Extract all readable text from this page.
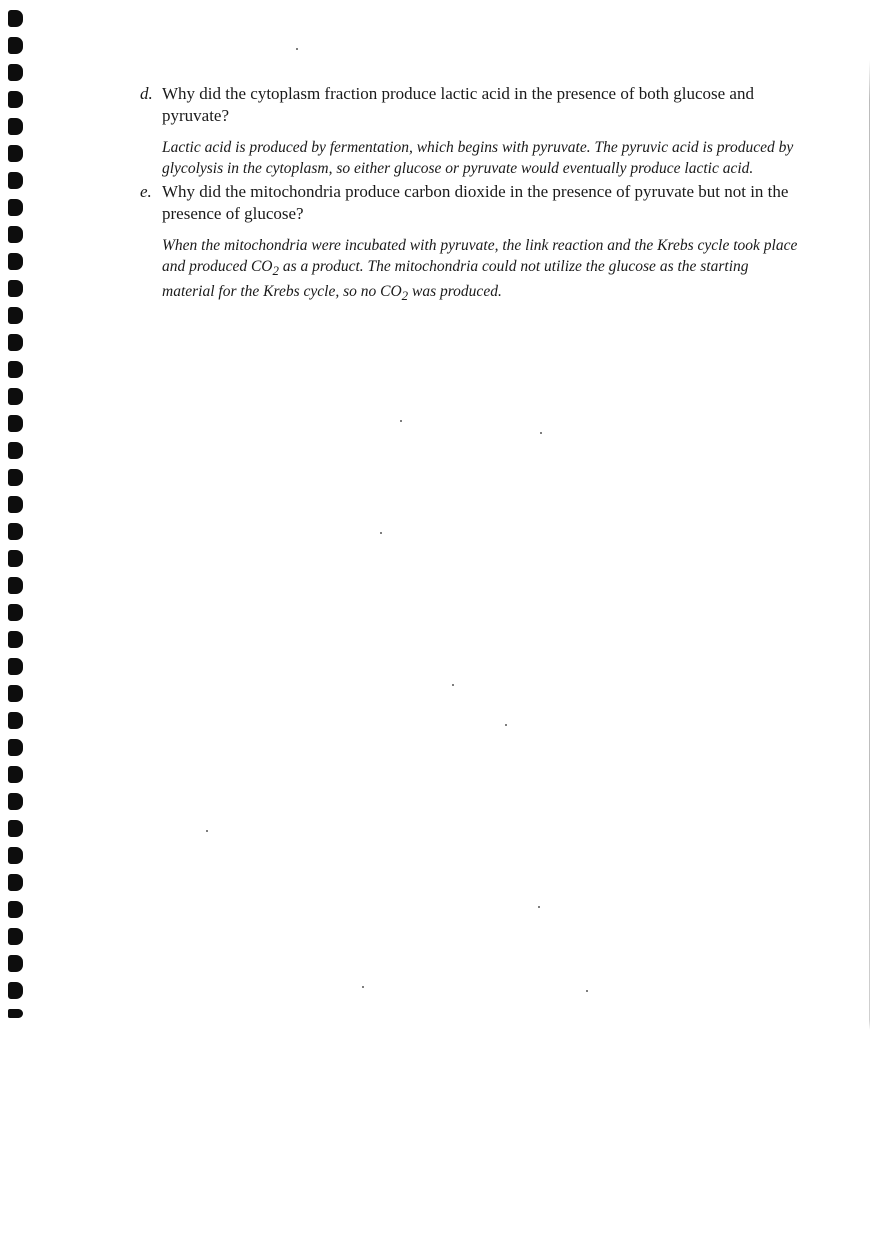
d. Why did the cytoplasm fraction produce lactic acid in the presence of both glucose and pyruvate?
Lactic acid is produced by fermentation, which begins with pyruvate. The pyruvic acid is produced by glycolysis in the cytoplasm, so either glucose or pyruvate would eventually produce lactic acid.
e. Why did the mitochondria produce carbon dioxide in the presence of pyruvate but not in the presence of glucose?
When the mitochondria were incubated with pyruvate, the link reaction and the Krebs cycle took place and produced $CO_2$ as a product. The mitochondria could not utilize the glucose as the starting material for the Krebs cycle, so no $CO_2$ was produced.
